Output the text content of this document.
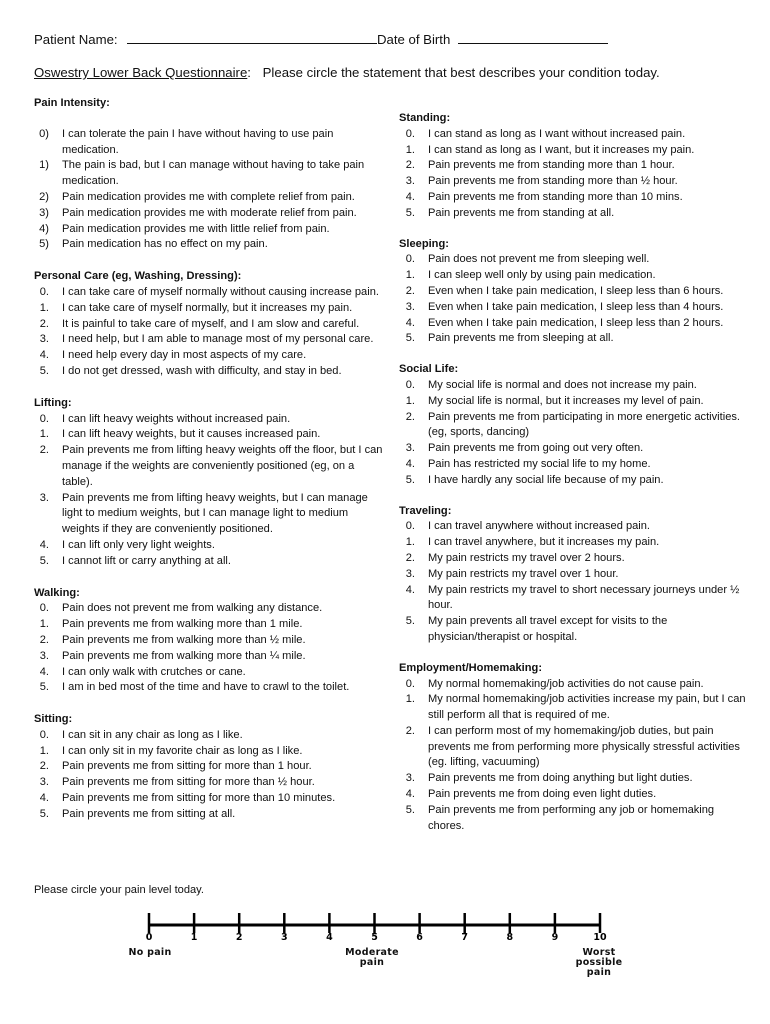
Patient Name:	Date of Birth
Oswestry Lower Back Questionnaire: Please circle the statement that best describes your condition today.
Pain Intensity:
0) I can tolerate the pain I have without having to use pain medication.
1) The pain is bad, but I can manage without having to take pain medication.
2) Pain medication provides me with complete relief from pain.
3) Pain medication provides me with moderate relief from pain.
4) Pain medication provides me with little relief from pain.
5) Pain medication has no effect on my pain.
Personal Care (eg, Washing, Dressing):
0. I can take care of myself normally without causing increase pain.
1. I can take care of myself normally, but it increases my pain.
2. It is painful to take care of myself, and I am slow and careful.
3. I need help, but I am able to manage most of my personal care.
4. I need help every day in most aspects of my care.
5. I do not get dressed, wash with difficulty, and stay in bed.
Lifting:
0. I can lift heavy weights without increased pain.
1. I can lift heavy weights, but it causes increased pain.
2. Pain prevents me from lifting heavy weights off the floor, but I can manage if the weights are conveniently positioned (eg, on a table).
3. Pain prevents me from lifting heavy weights, but I can manage light to medium weights, but I can manage light to medium weights if they are conveniently positioned.
4. I can lift only very light weights.
5. I cannot lift or carry anything at all.
Walking:
0. Pain does not prevent me from walking any distance.
1. Pain prevents me from walking more than 1 mile.
2. Pain prevents me from walking more than ½ mile.
3. Pain prevents me from walking more than ¼ mile.
4. I can only walk with crutches or cane.
5. I am in bed most of the time and have to crawl to the toilet.
Sitting:
0. I can sit in any chair as long as I like.
1. I can only sit in my favorite chair as long as I like.
2. Pain prevents me from sitting for more than 1 hour.
3. Pain prevents me from sitting for more than ½ hour.
4. Pain prevents me from sitting for more than 10 minutes.
5. Pain prevents me from sitting at all.
Standing:
0. I can stand as long as I want without increased pain.
1. I can stand as long as I want, but it increases my pain.
2. Pain prevents me from standing more than 1 hour.
3. Pain prevents me from standing more than ½ hour.
4. Pain prevents me from standing more than 10 mins.
5. Pain prevents me from standing at all.
Sleeping:
0. Pain does not prevent me from sleeping well.
1. I can sleep well only by using pain medication.
2. Even when I take pain medication, I sleep less than 6 hours.
3. Even when I take pain medication, I sleep less than 4 hours.
4. Even when I take pain medication, I sleep less than 2 hours.
5. Pain prevents me from sleeping at all.
Social Life:
0. My social life is normal and does not increase my pain.
1. My social life is normal, but it increases my level of pain.
2. Pain prevents me from participating in more energetic activities. (eg, sports, dancing)
3. Pain prevents me from going out very often.
4. Pain has restricted my social life to my home.
5. I have hardly any social life because of my pain.
Traveling:
0. I can travel anywhere without increased pain.
1. I can travel anywhere, but it increases my pain.
2. My pain restricts my travel over 2 hours.
3. My pain restricts my travel over 1 hour.
4. My pain restricts my travel to short necessary journeys under ½ hour.
5. My pain prevents all travel except for visits to the physician/therapist or hospital.
Employment/Homemaking:
0. My normal homemaking/job activities do not cause pain.
1. My normal homemaking/job activities increase my pain, but I can still perform all that is required of me.
2. I can perform most of my homemaking/job duties, but pain prevents me from performing more physically stressful activities (eg. lifting, vacuuming)
3. Pain prevents me from doing anything but light duties.
4. Pain prevents me from doing even light duties.
5. Pain prevents me from performing any job or homemaking chores.
Please circle your pain level today.
0	1	2	3	4	5	6	7	8	9	10
No pain	Moderate pain
Worst possible pain
